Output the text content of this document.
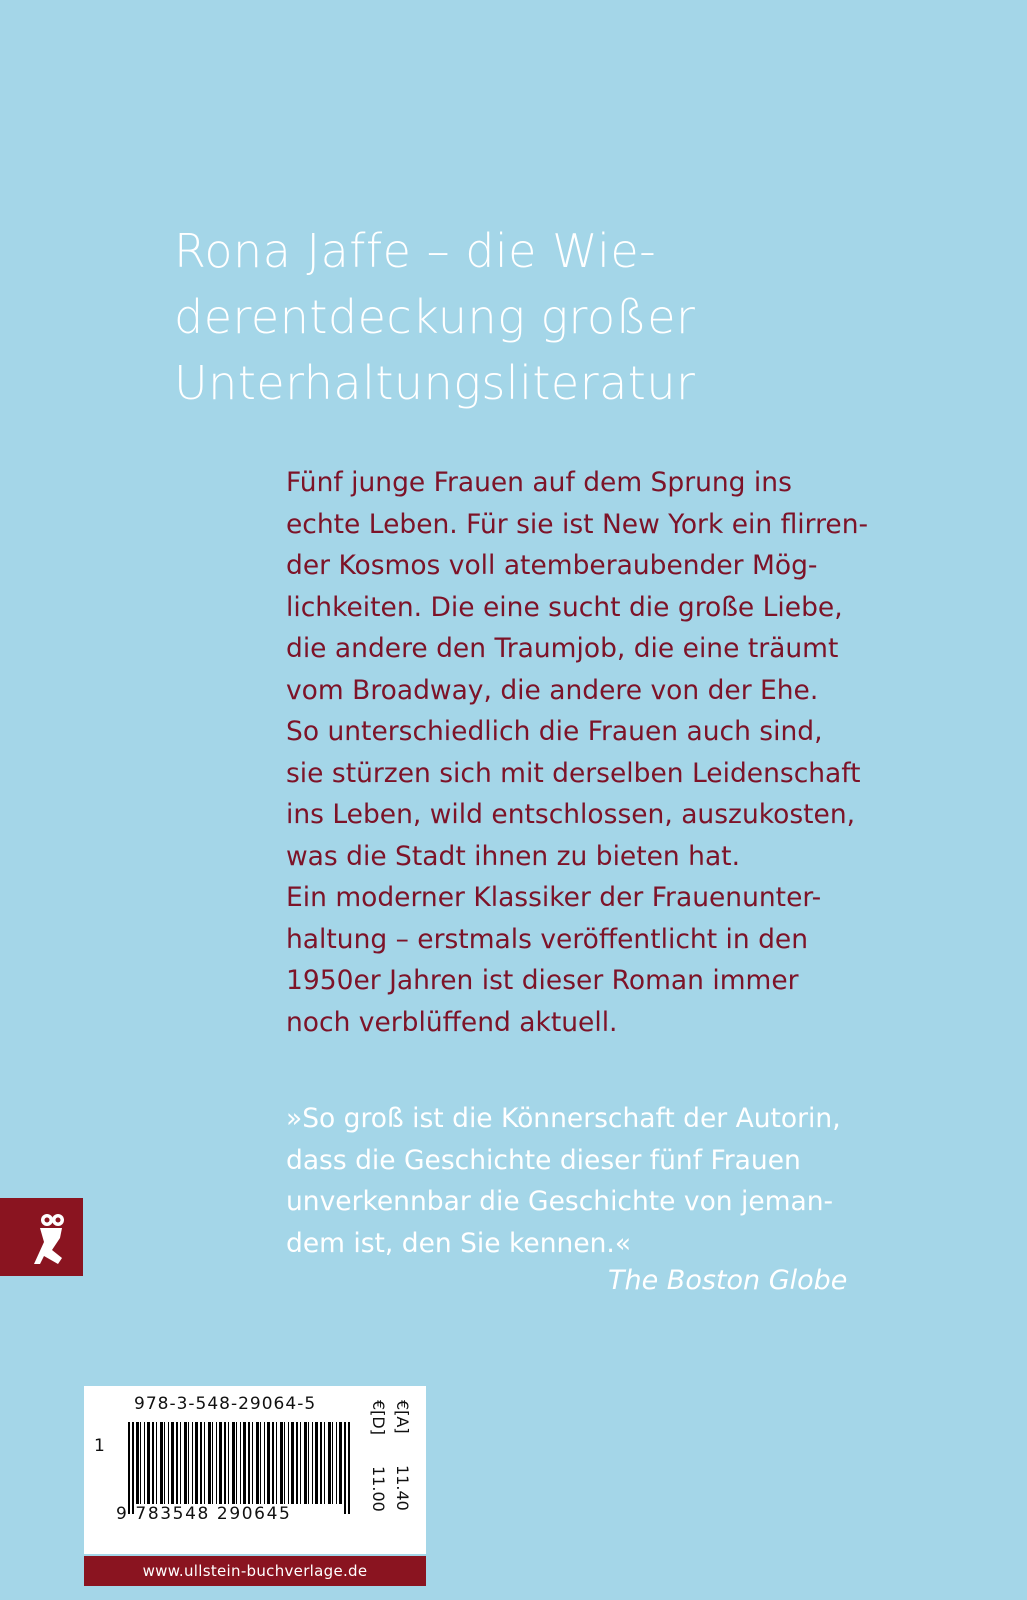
Rona Jaffe – die Wie-
derentdeckung großer
Unterhaltungsliteratur
Fünf junge Frauen auf dem Sprung ins
echte Leben. Für sie ist New York ein flirren-
der Kosmos voll atemberaubender Mög-
lichkeiten. Die eine sucht die große Liebe,
die andere den Traumjob, die eine träumt
vom Broadway, die andere von der Ehe.
So unterschiedlich die Frauen auch sind,
sie stürzen sich mit derselben Leidenschaft
ins Leben, wild entschlossen, auszukosten,
was die Stadt ihnen zu bieten hat.
Ein moderner Klassiker der Frauenunter-
haltung – erstmals veröffentlicht in den
1950er Jahren ist dieser Roman immer
noch verblüffend aktuell.
»So groß ist die Könnerschaft der Autorin,
dass die Geschichte dieser fünf Frauen
unverkennbar die Geschichte von jeman-
dem ist, den Sie kennen.«
The Boston Globe
978-3-548-29064-5
1
9 783548 290645
€[D] 11.00
€[A] 11.40
www.ullstein-buchverlage.de
